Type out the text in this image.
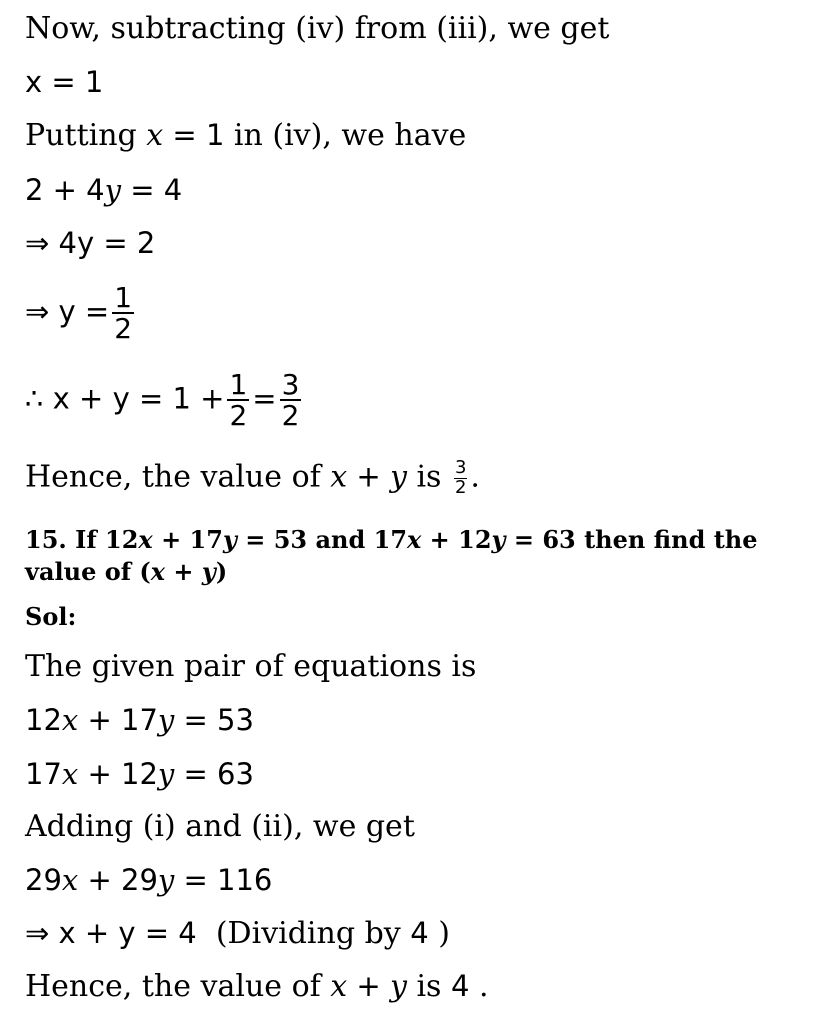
Now, subtracting (iv) from (iii), we get
x = 1
Putting x = 1 in (iv), we have
2 + 4y = 4
⇒ 4y = 2
⇒ $y = \frac{1}{2}$
∴ $x + y = 1 + \frac{1}{2} = \frac{3}{2}$
Hence, the value of x + y is $\frac{3}{2}$ .
15. If 12x + 17y = 53 and 17x + 12y = 63 then find the
value of (x + y)
Sol:
The given pair of equations is
12x + 17y = 53
17x + 12y = 63
Adding (i) and (ii), we get
29x + 29y = 116
⇒ x + y = 4  (Dividing by 4 )
Hence, the value of x + y is 4 .
